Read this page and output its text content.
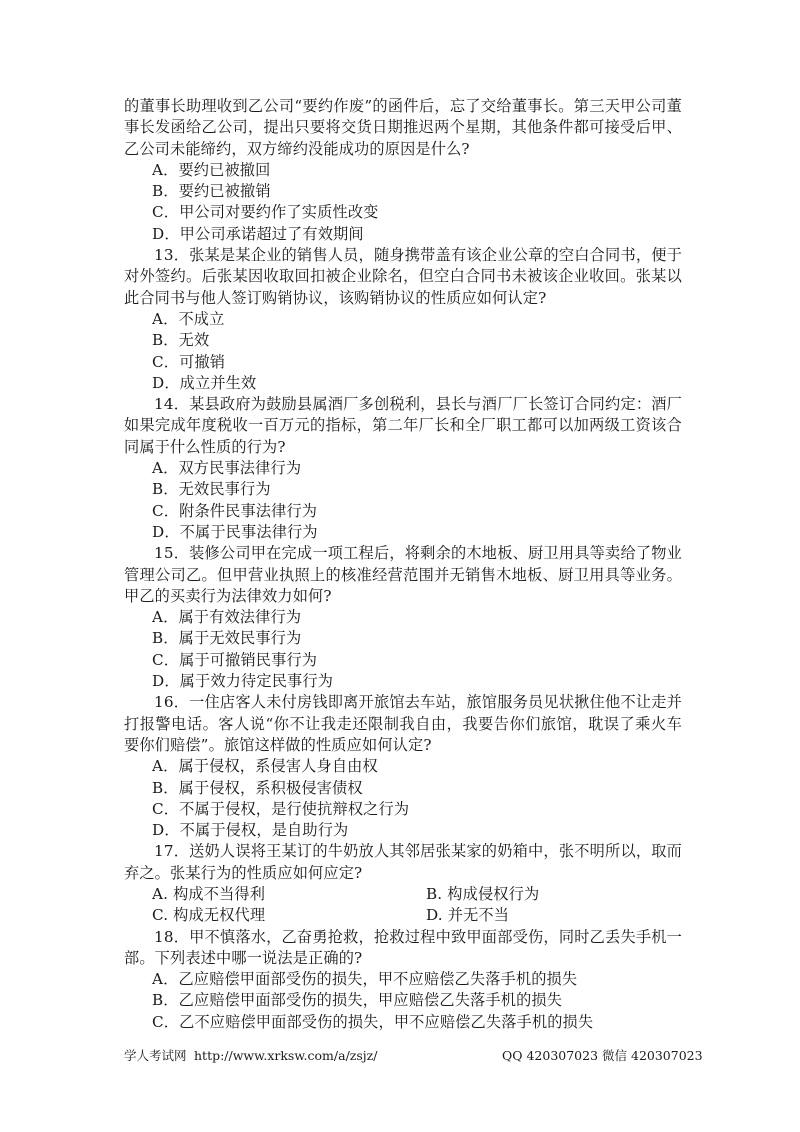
的董事长助理收到乙公司“要约作废”的函件后，忘了交给董事长。第三天甲公司董事长发函给乙公司，提出只要将交货日期推迟两个星期，其他条件都可接受后甲、乙公司未能缔约，双方缔约没能成功的原因是什么?

A．要约已被撤回

B．要约已被撤销

C．甲公司对要约作了实质性改变

D．甲公司承诺超过了有效期间

13．张某是某企业的销售人员，随身携带盖有该企业公章的空白合同书，便于对外签约。后张某因收取回扣被企业除名，但空白合同书未被该企业收回。张某以此合同书与他人签订购销协议，该购销协议的性质应如何认定?

A．不成立

B．无效

C．可撤销

D．成立并生效

14．某县政府为鼓励县属酒厂多创税利，县长与酒厂厂长签订合同约定：酒厂如果完成年度税收一百万元的指标，第二年厂长和全厂职工都可以加两级工资该合同属于什么性质的行为?

A．双方民事法律行为

B．无效民事行为

C．附条件民事法律行为

D．不属于民事法律行为

15．装修公司甲在完成一项工程后，将剩余的木地板、厨卫用具等卖给了物业管理公司乙。但甲营业执照上的核准经营范围并无销售木地板、厨卫用具等业务。甲乙的买卖行为法律效力如何?

A．属于有效法律行为

B．属于无效民事行为

C．属于可撤销民事行为

D．属于效力待定民事行为

16．一住店客人未付房钱即离开旅馆去车站，旅馆服务员见状揪住他不让走并打报警电话。客人说“你不让我走还限制我自由，我要告你们旅馆，耽误了乘火车要你们赔偿”。旅馆这样做的性质应如何认定?

A．属于侵权，系侵害人身自由权

B．属于侵权，系积极侵害债权

C．不属于侵权，是行使抗辩权之行为

D．不属于侵权，是自助行为

17．送奶人误将王某订的牛奶放人其邻居张某家的奶箱中，张不明所以，取而弃之。张某行为的性质应如何应定?

A. 构成不当得利	B. 构成侵权行为
C. 构成无权代理	D. 并无不当

18．甲不慎落水，乙奋勇抢救，抢救过程中致甲面部受伤，同时乙丢失手机一部。下列表述中哪一说法是正确的?

A．乙应赔偿甲面部受伤的损失，甲不应赔偿乙失落手机的损失

B．乙应赔偿甲面部受伤的损失，甲应赔偿乙失落手机的损失

C．乙不应赔偿甲面部受伤的损失，甲不应赔偿乙失落手机的损失

学人考试网 http://www.xrksw.com/a/zsjz/	QQ 420307023 微信 420307023
